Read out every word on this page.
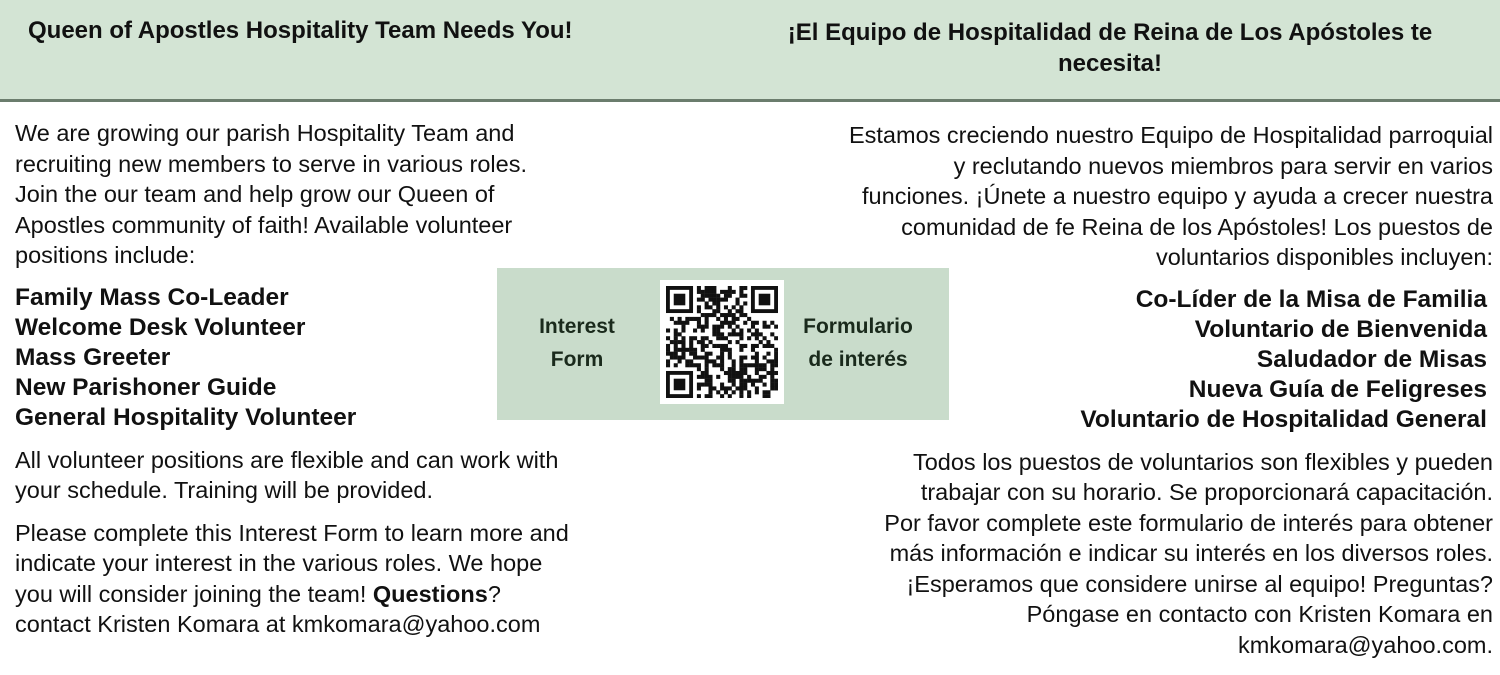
Queen of Apostles Hospitality Team Needs You!	¡El Equipo de Hospitalidad de Reina de Los Apóstoles te
necesita!
We are growing our parish Hospitality Team and
recruiting new members to serve in various roles.
Join the our team and help grow our Queen of
Apostles community of faith! Available volunteer
positions include:
Family Mass Co-Leader
Welcome Desk Volunteer
Mass Greeter
New Parishoner Guide
General Hospitality Volunteer
All volunteer positions are flexible and can work with
your schedule. Training will be provided.
Please complete this Interest Form to learn more and
indicate your interest in the various roles. We hope
you will consider joining the team! Questions?
contact Kristen Komara at kmkomara@yahoo.com
Interest
Form
Formulario
de interés
Estamos creciendo nuestro Equipo de Hospitalidad parroquial
y reclutando nuevos miembros para servir en varios
funciones. ¡Únete a nuestro equipo y ayuda a crecer nuestra
comunidad de fe Reina de los Apóstoles! Los puestos de
voluntarios disponibles incluyen:
Co-Líder de la Misa de Familia
Voluntario de Bienvenida
Saludador de Misas
Nueva Guía de Feligreses
Voluntario de Hospitalidad General
Todos los puestos de voluntarios son flexibles y pueden
trabajar con su horario. Se proporcionará capacitación.
Por favor complete este formulario de interés para obtener
más información e indicar su interés en los diversos roles.
¡Esperamos que considere unirse al equipo! Preguntas?
Póngase en contacto con Kristen Komara en
kmkomara@yahoo.com.
